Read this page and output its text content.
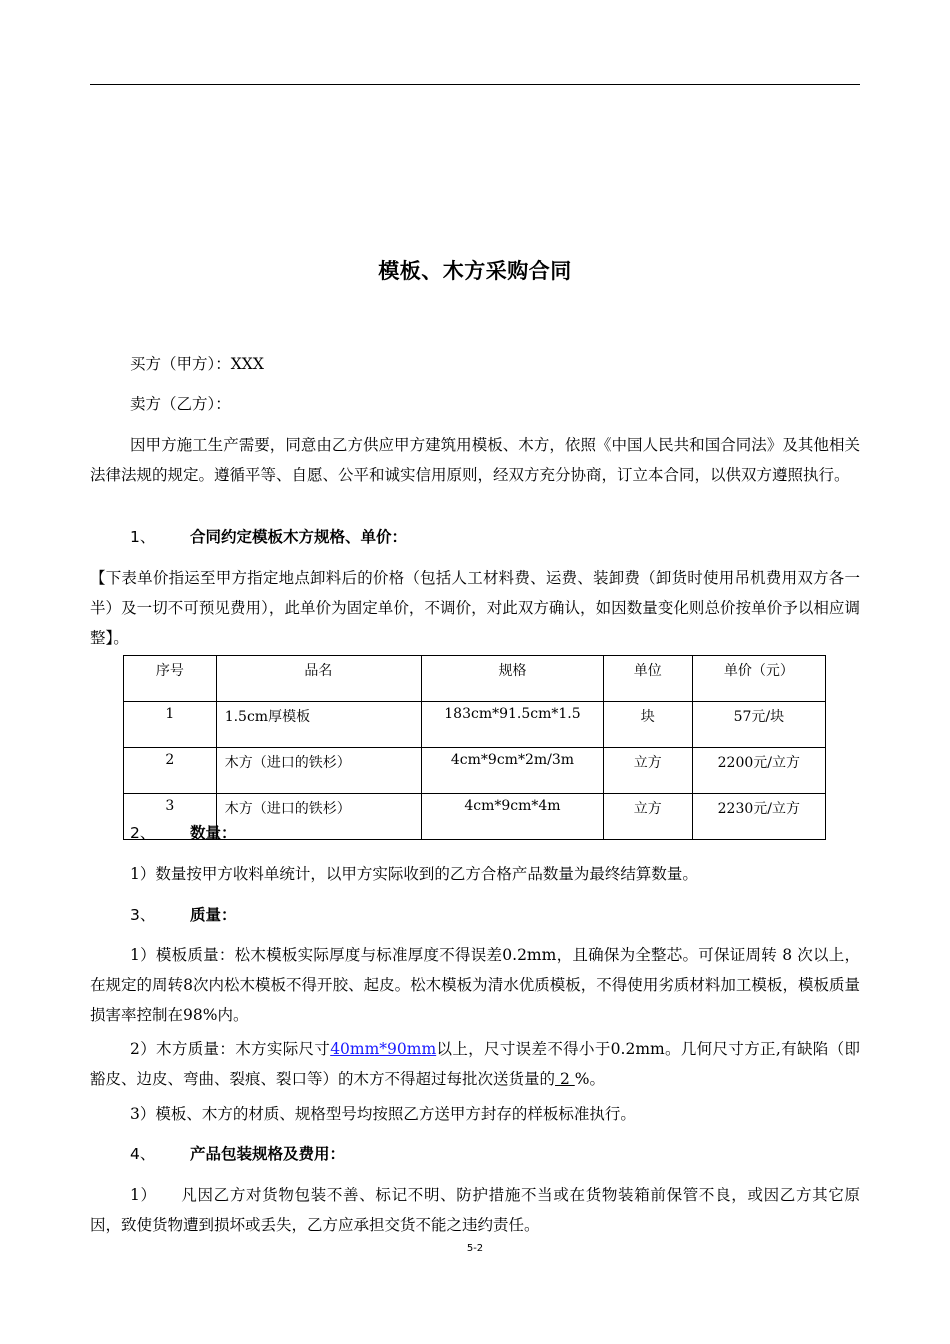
模板、木方采购合同
买方（甲方）：XXX
卖方（乙方）：
因甲方施工生产需要，同意由乙方供应甲方建筑用模板、木方，依照《中国人民共和国合同法》及其他相关法律法规的规定。遵循平等、自愿、公平和诚实信用原则，经双方充分协商，订立本合同，以供双方遵照执行。
1、 合同约定模板木方规格、单价：
【下表单价指运至甲方指定地点卸料后的价格（包括人工材料费、运费、装卸费（卸货时使用吊机费用双方各一半）及一切不可预见费用），此单价为固定单价，不调价，对此双方确认，如因数量变化则总价按单价予以相应调整】。
序号	品名	规格	单位	单价（元）
1	1.5cm厚模板	183cm*91.5cm*1.5	块	57元/块
2	木方（进口的铁杉）	4cm*9cm*2m/3m	立方	2200元/立方
3	木方（进口的铁杉）	4cm*9cm*4m	立方	2230元/立方
2、 数量：
1）数量按甲方收料单统计，以甲方实际收到的乙方合格产品数量为最终结算数量。
3、 质量：
1）模板质量：松木模板实际厚度与标准厚度不得误差0.2mm，且确保为全整芯。可保证周转 8 次以上，在规定的周转8次内松木模板不得开胶、起皮。松木模板为清水优质模板，不得使用劣质材料加工模板，模板质量损害率控制在98%内。
2）木方质量：木方实际尺寸40mm*90mm以上，尺寸误差不得小于0.2mm。几何尺寸方正,有缺陷（即豁皮、边皮、弯曲、裂痕、裂口等）的木方不得超过每批次送货量的 2 %。
3）模板、木方的材质、规格型号均按照乙方送甲方封存的样板标准执行。
4、 产品包装规格及费用：
1）　　凡因乙方对货物包装不善、标记不明、防护措施不当或在货物装箱前保管不良，或因乙方其它原因，致使货物遭到损坏或丢失，乙方应承担交货不能之违约责任。
5-2
